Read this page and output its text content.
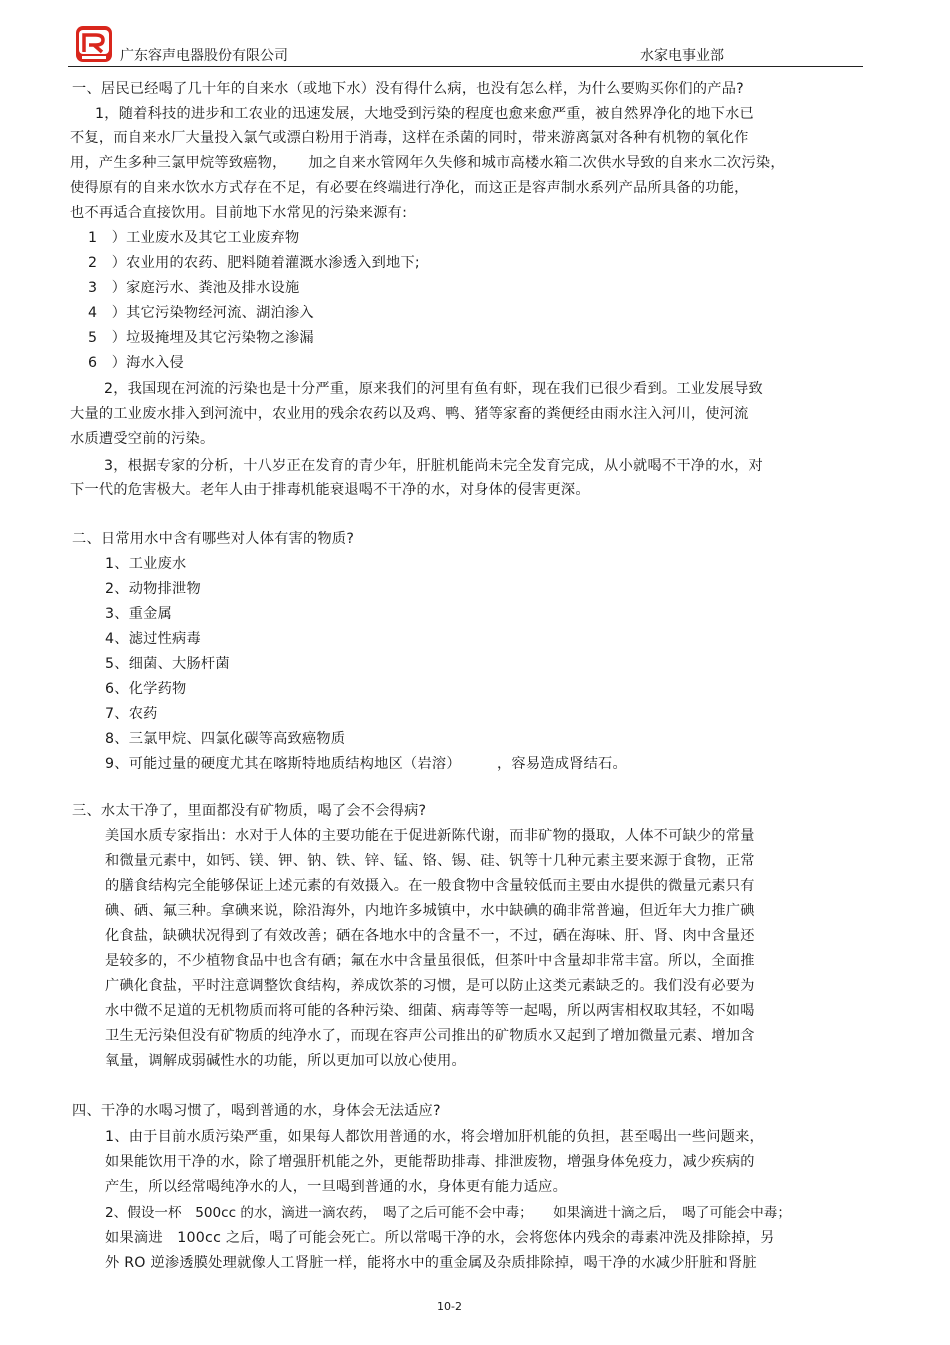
广东容声电器股份有限公司	水家电事业部
一、居民已经喝了几十年的自来水（或地下水）没有得什么病，也没有怎么样，为什么要购买你们的产品?
1，随着科技的进步和工农业的迅速发展，大地受到污染的程度也愈来愈严重，被自然界净化的地下水已
不复，而自来水厂大量投入氯气或漂白粉用于消毒，这样在杀菌的同时，带来游离氯对各种有机物的氧化作
用，产生多种三氯甲烷等致癌物，　　加之自来水管网年久失修和城市高楼水箱二次供水导致的自来水二次污染，
使得原有的自来水饮水方式存在不足，有必要在终端进行净化，而这正是容声制水系列产品所具备的功能，
也不再适合直接饮用。目前地下水常见的污染来源有:
1　）工业废水及其它工业废弃物
2　）农业用的农药、肥料随着灌溉水渗透入到地下;
3　）家庭污水、粪池及排水设施
4　）其它污染物经河流、湖泊渗入
5　）垃圾掩埋及其它污染物之渗漏
6　）海水入侵
2，我国现在河流的污染也是十分严重，原来我们的河里有鱼有虾，现在我们已很少看到。工业发展导致
大量的工业废水排入到河流中，农业用的残余农药以及鸡、鸭、猪等家畜的粪便经由雨水注入河川，使河流
水质遭受空前的污染。
3，根据专家的分析，十八岁正在发育的青少年，肝脏机能尚未完全发育完成，从小就喝不干净的水，对
下一代的危害极大。老年人由于排毒机能衰退喝不干净的水，对身体的侵害更深。
二、日常用水中含有哪些对人体有害的物质?
1、工业废水
2、动物排泄物
3、重金属
4、滤过性病毒
5、细菌、大肠杆菌
6、化学药物
7、农药
8、三氯甲烷、四氯化碳等高致癌物质
9、可能过量的硬度尤其在喀斯特地质结构地区（岩溶）　　　，容易造成肾结石。
三、水太干净了，里面都没有矿物质，喝了会不会得病?
美国水质专家指出：水对于人体的主要功能在于促进新陈代谢，而非矿物的摄取，人体不可缺少的常量
和微量元素中，如钙、镁、钾、钠、铁、锌、锰、铬、锡、硅、钒等十几种元素主要来源于食物，正常
的膳食结构完全能够保证上述元素的有效摄入。在一般食物中含量较低而主要由水提供的微量元素只有
碘、硒、氟三种。拿碘来说，除沿海外，内地许多城镇中，水中缺碘的确非常普遍，但近年大力推广碘
化食盐，缺碘状况得到了有效改善；硒在各地水中的含量不一，不过，硒在海味、肝、肾、肉中含量还
是较多的，不少植物食品中也含有硒；氟在水中含量虽很低，但茶叶中含量却非常丰富。所以，全面推
广碘化食盐，平时注意调整饮食结构，养成饮茶的习惯，是可以防止这类元素缺乏的。我们没有必要为
水中微不足道的无机物质而将可能的各种污染、细菌、病毒等等一起喝，所以两害相权取其轻，不如喝
卫生无污染但没有矿物质的纯净水了，而现在容声公司推出的矿物质水又起到了增加微量元素、增加含
氧量，调解成弱碱性水的功能，所以更加可以放心使用。
四、干净的水喝习惯了，喝到普通的水，身体会无法适应?
1、由于目前水质污染严重，如果每人都饮用普通的水，将会增加肝机能的负担，甚至喝出一些问题来，
如果能饮用干净的水，除了增强肝机能之外，更能帮助排毒、排泄废物，增强身体免疫力，减少疾病的
产生，所以经常喝纯净水的人，一旦喝到普通的水，身体更有能力适应。
2、假设一杯　500cc 的水，滴进一滴农药，　喝了之后可能不会中毒；　　如果滴进十滴之后，　喝了可能会中毒；
如果滴进　100cc 之后，喝了可能会死亡。所以常喝干净的水，会将您体内残余的毒素冲洗及排除掉，另
外 RO 逆渗透膜处理就像人工肾脏一样，能将水中的重金属及杂质排除掉，喝干净的水减少肝脏和肾脏
10-2
